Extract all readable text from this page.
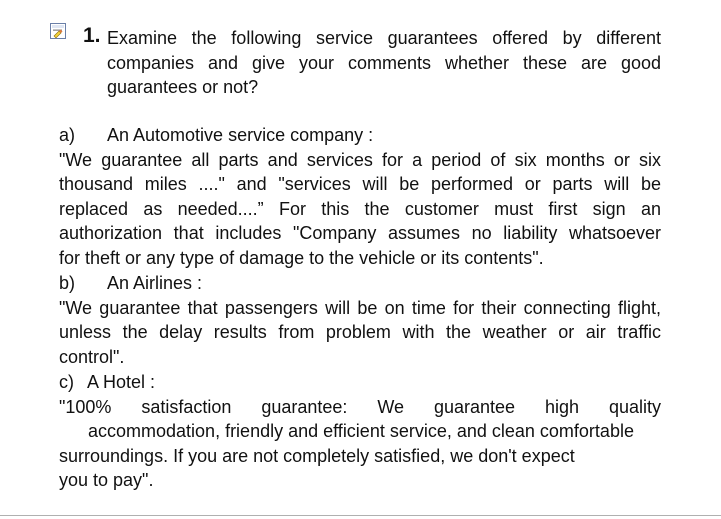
1. Examine the following service guarantees offered by different companies and give your comments whether these are good guarantees or not?
a) An Automotive service company :
"We guarantee all parts and services for a period of six months or six
thousand miles ...." and "services will be performed or parts will be
replaced as needed....” For this the customer must first sign an
authorization that includes "Company assumes no liability whatsoever
for theft or any type of damage to the vehicle or its contents".
b) An Airlines :
"We guarantee that passengers will be on time for their connecting flight,
unless the delay results from problem with the weather or air traffic
control".
c) A Hotel :
"100% satisfaction guarantee: We guarantee high quality
accommodation, friendly and efficient service, and clean comfortable
surroundings. If you are not completely satisfied, we don't expect
you to pay".
